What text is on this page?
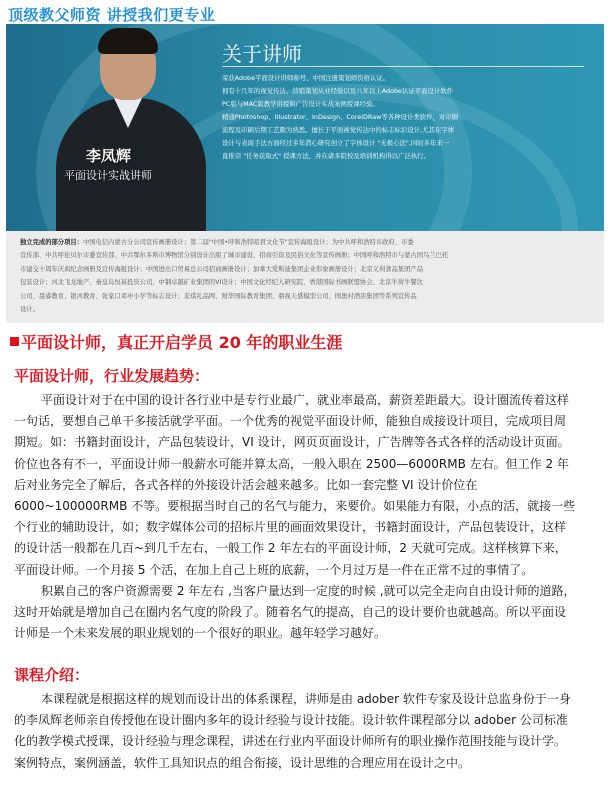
顶级教父师资 讲授我们更专业
李凤辉
平面设计实战讲师
关于讲师
荣获Adobe平面设计讲师称号、中国注册策划师资格认证。
拥有十几年的视觉传达、营销策划从业经验以及八年以上Adobe认证平面设计软件
PC版与MAC版教学讲授和广告设计实战案例授课经验。
精通Photoshop、Illustrator、InDesign、CorelDRaw等各种设计类软件，对印刷
流程及印刷后期工艺颇为熟悉。擅长于平面视觉传达中的标志标识设计,尤其在字体
设计与表现手法方面经过多年潜心研究创立了字体设计 "无极心法",同时多年来一
直推崇 "任务获取式" 授课方法，并在诸多院校及培训机构得以广泛执行。
独立完成的部分项目：中国电信内蒙古分公司宣传画册设计；第二届"中国•呼和浩特昭君文化节"宣传海报设计；为中共呼和浩特市政府、市委
宣传部、中共呼伦贝尔市委宣传部、中共鄂尔多斯市博物馆分别设计出版了城市建设、招商引资及民俗文化等宣传画册；中国呼和浩特市与蒙古国乌兰巴托
市建交十周年庆典纪念画册及宣传海报设计；中国进出口贸易总公司招商画册设计；加拿大爱斯迪集团企业形象画册设计；北京义利食品集团产品
包装设计；河北飞龙地产、秦皇岛恒基投资公司、中钢卓越矿业集团的VI设计；中国文化经纪人研究院、香港国际书画联盟协会、北京牛荷牛餐饮
公司、晨睿教育、银河教育、张家口邓申小学等标志设计；麦琪礼品网、财华国际教育集团、鼎视天盛模型公司、国奥村酒店集团等系列宣传品
设计。
平面设计师，真正开启学员 20 年的职业生涯
平面设计师，行业发展趋势：
平面设计对于在中国的设计各行业中是专行业最广，就业率最高，薪资差距最大。设计圈流传着这样
一句话，要想自己单干多接活就学平面。一个优秀的视觉平面设计师，能独自成接设计项目，完成项目周
期短。如：书籍封面设计，产品包装设计，VI 设计，网页页面设计，广告牌等各式各样的活动设计页面。
价位也各有不一，平面设计师一般薪水可能并算太高，一般入职在 2500—6000RMB 左右。但工作 2 年
后对业务完全了解后，各式各样的外接设计活会越来越多。比如一套完整 VI 设计价位在
6000~100000RMB 不等。要根据当时自己的名气与能力，来要价。如果能力有限，小点的活，就接一些
个行业的辅助设计，如；数字媒体公司的招标片里的画面效果设计，书籍封面设计，产品包装设计，这样
的设计活一般都在几百~到几千左右，一般工作 2 年左右的平面设计师，2 天就可完成。这样核算下来，
平面设计师。一个月接 5 个活，在加上自己上班的底薪，一个月过万是一件在正常不过的事情了。
积累自己的客户资源需要 2 年左右 ,当客户量达到一定度的时候 ,就可以完全走向自由设计师的道路，
这时开始就是增加自己在圈内名气度的阶段了。随着名气的提高，自己的设计要价也就越高。所以平面设
计师是一个未来发展的职业规划的一个很好的职业。越年轻学习越好。
课程介绍：
本课程就是根据这样的规划而设计出的体系课程，讲师是由 adober 软件专家及设计总监身份于一身
的李凤辉老师亲自传授他在设计圈内多年的设计经验与设计技能。设计软件课程部分以 adober 公司标准
化的教学模式授课，设计经验与理念课程，讲述在行业内平面设计师所有的职业操作范围技能与设计学。
案例特点，案例涵盖，软件工具知识点的组合衔接，设计思维的合理应用在设计之中。
